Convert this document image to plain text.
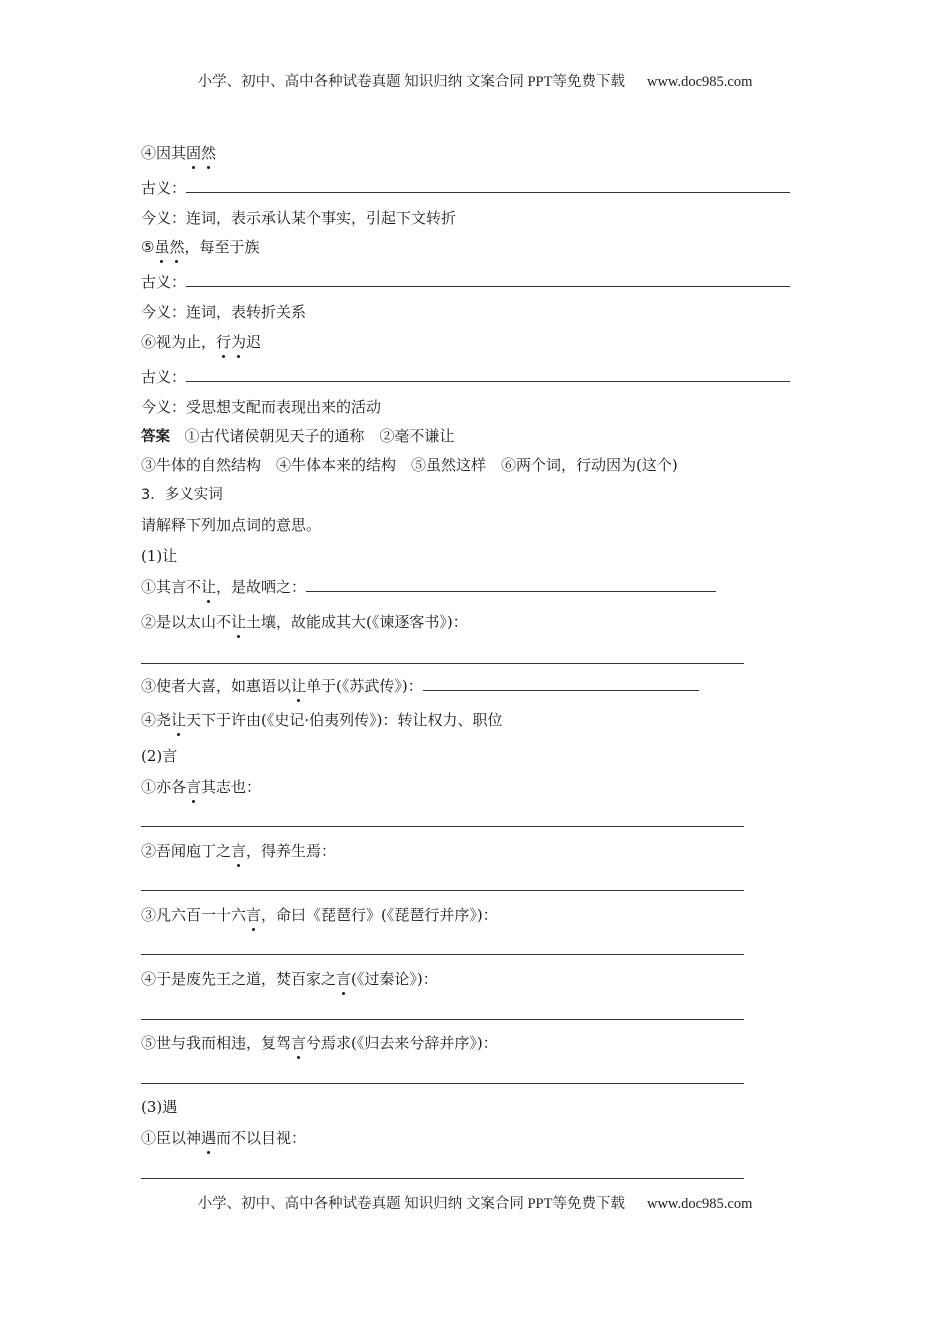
小学、初中、高中各种试卷真题 知识归纳 文案合同 PPT等免费下载 www.doc985.com
④因其固然
古义：
今义：连词，表示承认某个事实，引起下文转折
⑤虽然，每至于族
古义：
今义：连词，表转折关系
⑥视为止，行为迟
古义：
今义：受思想支配而表现出来的活动
答案 ①古代诸侯朝见天子的通称　②毫不谦让
③牛体的自然结构　④牛体本来的结构　⑤虽然这样　⑥两个词，行动因为(这个)
3．多义实词
请解释下列加点词的意思。
(1)让
①其言不让，是故哂之：
②是以太山不让土壤，故能成其大(《谏逐客书》)：
③使者大喜，如惠语以让单于(《苏武传》)：
④尧让天下于许由(《史记·伯夷列传》)：转让权力、职位
(2)言
①亦各言其志也：
②吾闻庖丁之言，得养生焉：
③凡六百一十六言，命曰《琵琶行》(《琵琶行并序》)：
④于是废先王之道，焚百家之言(《过秦论》)：
⑤世与我而相违，复驾言兮焉求(《归去来兮辞并序》)：
(3)遇
①臣以神遇而不以目视：
小学、初中、高中各种试卷真题 知识归纳 文案合同 PPT等免费下载 www.doc985.com
